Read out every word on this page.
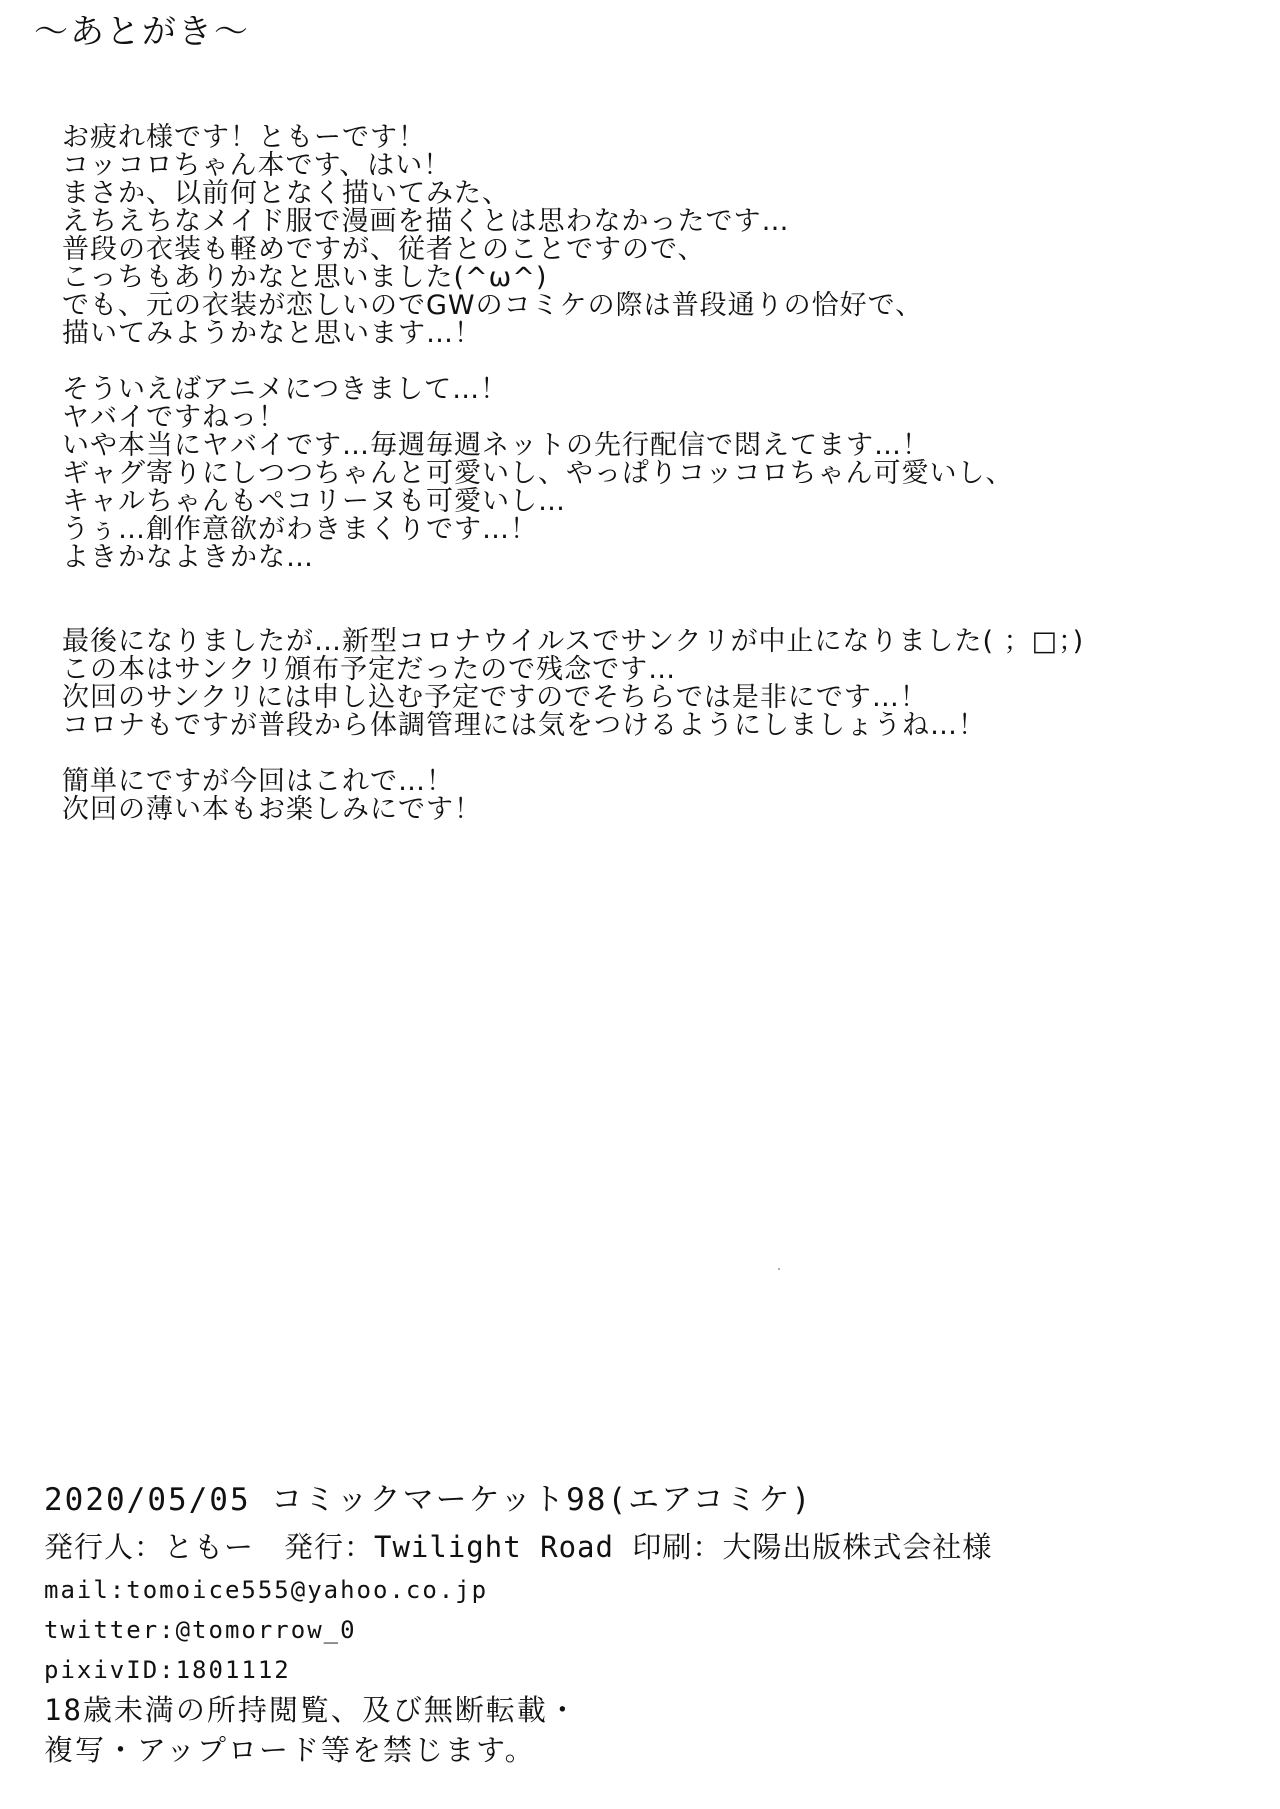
～あとがき～
お疲れ様です！ともーです！
コッコロちゃん本です、はい！
まさか、以前何となく描いてみた、
えちえちなメイド服で漫画を描くとは思わなかったです…
普段の衣装も軽めですが、従者とのことですので、
こっちもありかなと思いました(^ω^)
でも、元の衣装が恋しいのでGWのコミケの際は普段通りの恰好で、
描いてみようかなと思います…！
そういえばアニメにつきまして…！
ヤバイですねっ！
いや本当にヤバイです…毎週毎週ネットの先行配信で悶えてます…！
ギャグ寄りにしつつちゃんと可愛いし、やっぱりコッコロちゃん可愛いし、
キャルちゃんもペコリーヌも可愛いし…
うぅ…創作意欲がわきまくりです…！
よきかなよきかな…
最後になりましたが…新型コロナウイルスでサンクリが中止になりました( ；□；)
この本はサンクリ頒布予定だったので残念です…
次回のサンクリには申し込む予定ですのでそちらでは是非にです…！
コロナもですが普段から体調管理には気をつけるようにしましょうね…！
簡単にですが今回はこれで…！
次回の薄い本もお楽しみにです！
2020/05/05 コミックマーケット98(エアコミケ)
発行人：ともー　発行：Twilight Road 印刷：大陽出版株式会社様
mail:tomoice555@yahoo.co.jp
twitter:@tomorrow_0
pixivID:1801112
18歳未満の所持閲覧、及び無断転載・
複写・アップロード等を禁じます。
